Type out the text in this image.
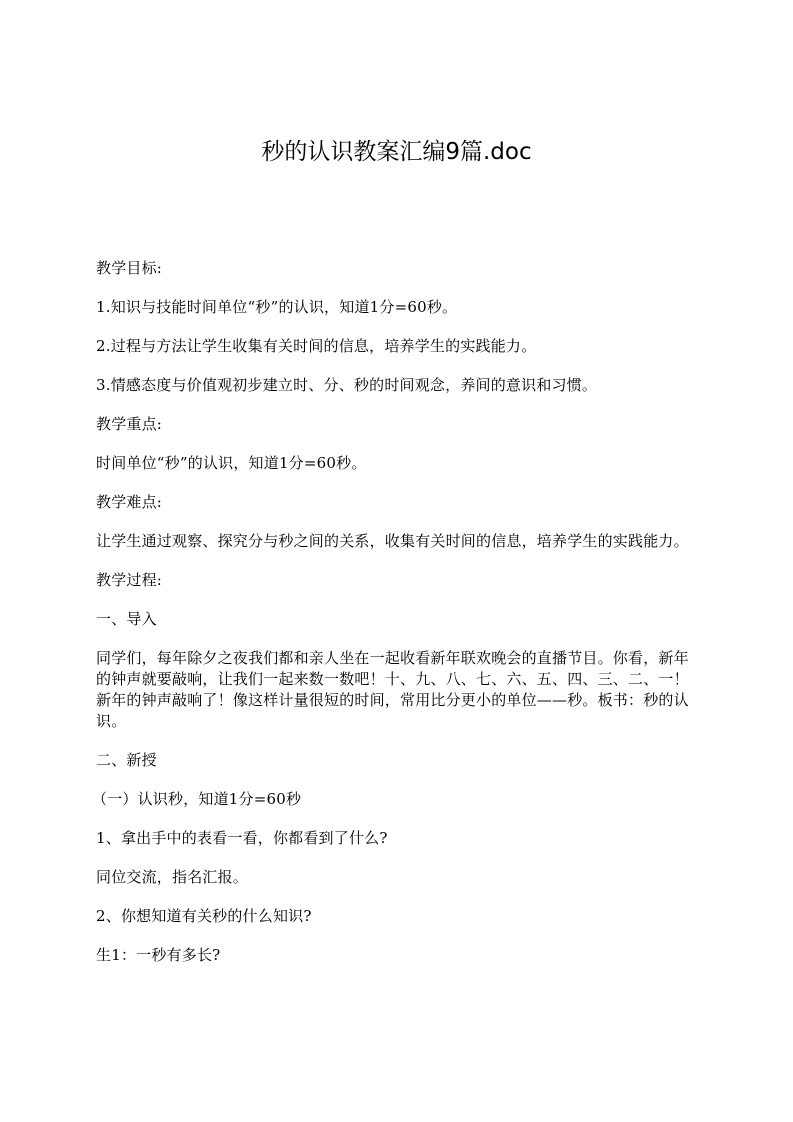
秒的认识教案汇编9篇.doc

教学目标:

1.知识与技能时间单位“秒”的认识，知道1分=60秒。

2.过程与方法让学生收集有关时间的信息，培养学生的实践能力。

3.情感态度与价值观初步建立时、分、秒的时间观念，养间的意识和习惯。

教学重点:

时间单位“秒”的认识，知道1分=60秒。

教学难点:

让学生通过观察、探究分与秒之间的关系，收集有关时间的信息，培养学生的实践能力。

教学过程:

一、导入

同学们，每年除夕之夜我们都和亲人坐在一起收看新年联欢晚会的直播节目。你看，新年的钟声就要敲响，让我们一起来数一数吧！十、九、八、七、六、五、四、三、二、一！新年的钟声敲响了！像这样计量很短的时间，常用比分更小的单位——秒。板书：秒的认识。

二、新授

（一）认识秒，知道1分=60秒

1、拿出手中的表看一看，你都看到了什么?

同位交流，指名汇报。

2、你想知道有关秒的什么知识?

生1：一秒有多长?
